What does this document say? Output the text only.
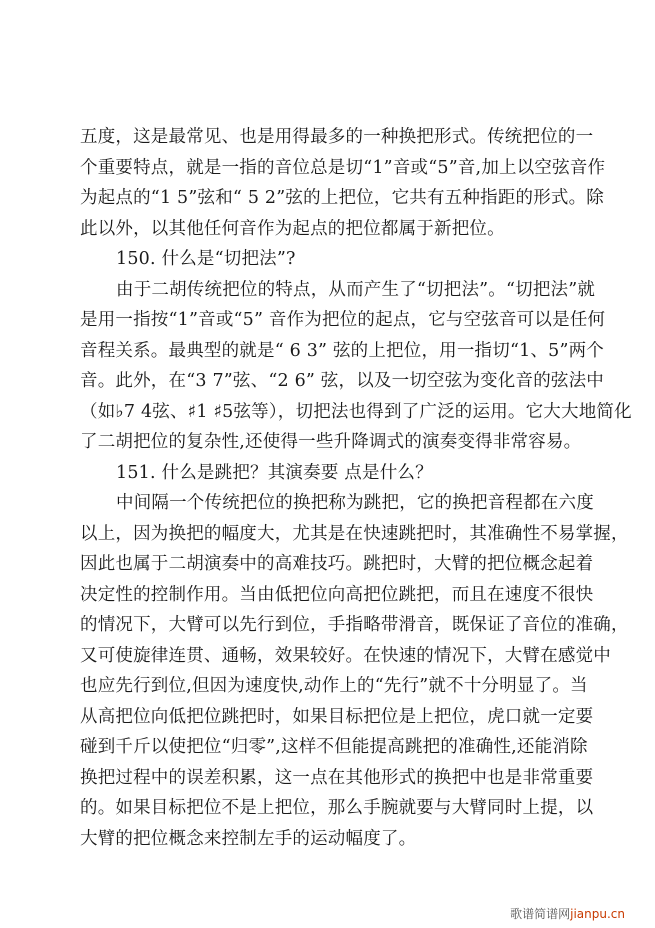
五度，这是最常见、也是用得最多的一种换把形式。传统把位的一
个重要特点，就是一指的音位总是切“1”音或“5”音,加上以空弦音作
为起点的“1 5”弦和“ 5 2”弦的上把位，它共有五种指距的形式。除
此以外，以其他任何音作为起点的把位都属于新把位。
150. 什么是“切把法”?
由于二胡传统把位的特点，从而产生了“切把法”。“切把法”就
是用一指按“1”音或“5” 音作为把位的起点，它与空弦音可以是任何
音程关系。最典型的就是“ 6 3” 弦的上把位，用一指切“1、5”两个
音。此外，在“3 7”弦、“2 6” 弦，以及一切空弦为变化音的弦法中
（如♭7 4弦、♯1 ♯5弦等），切把法也得到了广泛的运用。它大大地简化
了二胡把位的复杂性,还使得一些升降调式的演奏变得非常容易。
151. 什么是跳把？其演奏要 点是什么？
中间隔一个传统把位的换把称为跳把，它的换把音程都在六度
以上，因为换把的幅度大，尤其是在快速跳把时，其准确性不易掌握，
因此也属于二胡演奏中的高难技巧。跳把时，大臂的把位概念起着
决定性的控制作用。当由低把位向高把位跳把，而且在速度不很快
的情况下，大臂可以先行到位，手指略带滑音，既保证了音位的准确，
又可使旋律连贯、通畅，效果较好。在快速的情况下，大臂在感觉中
也应先行到位,但因为速度快,动作上的“先行”就不十分明显了。当
从高把位向低把位跳把时，如果目标把位是上把位，虎口就一定要
碰到千斤以使把位“归零”,这样不但能提高跳把的准确性,还能消除
换把过程中的误差积累，这一点在其他形式的换把中也是非常重要
的。如果目标把位不是上把位，那么手腕就要与大臂同时上提，以
大臂的把位概念来控制左手的运动幅度了。
歌谱简谱网jianpu.cn
